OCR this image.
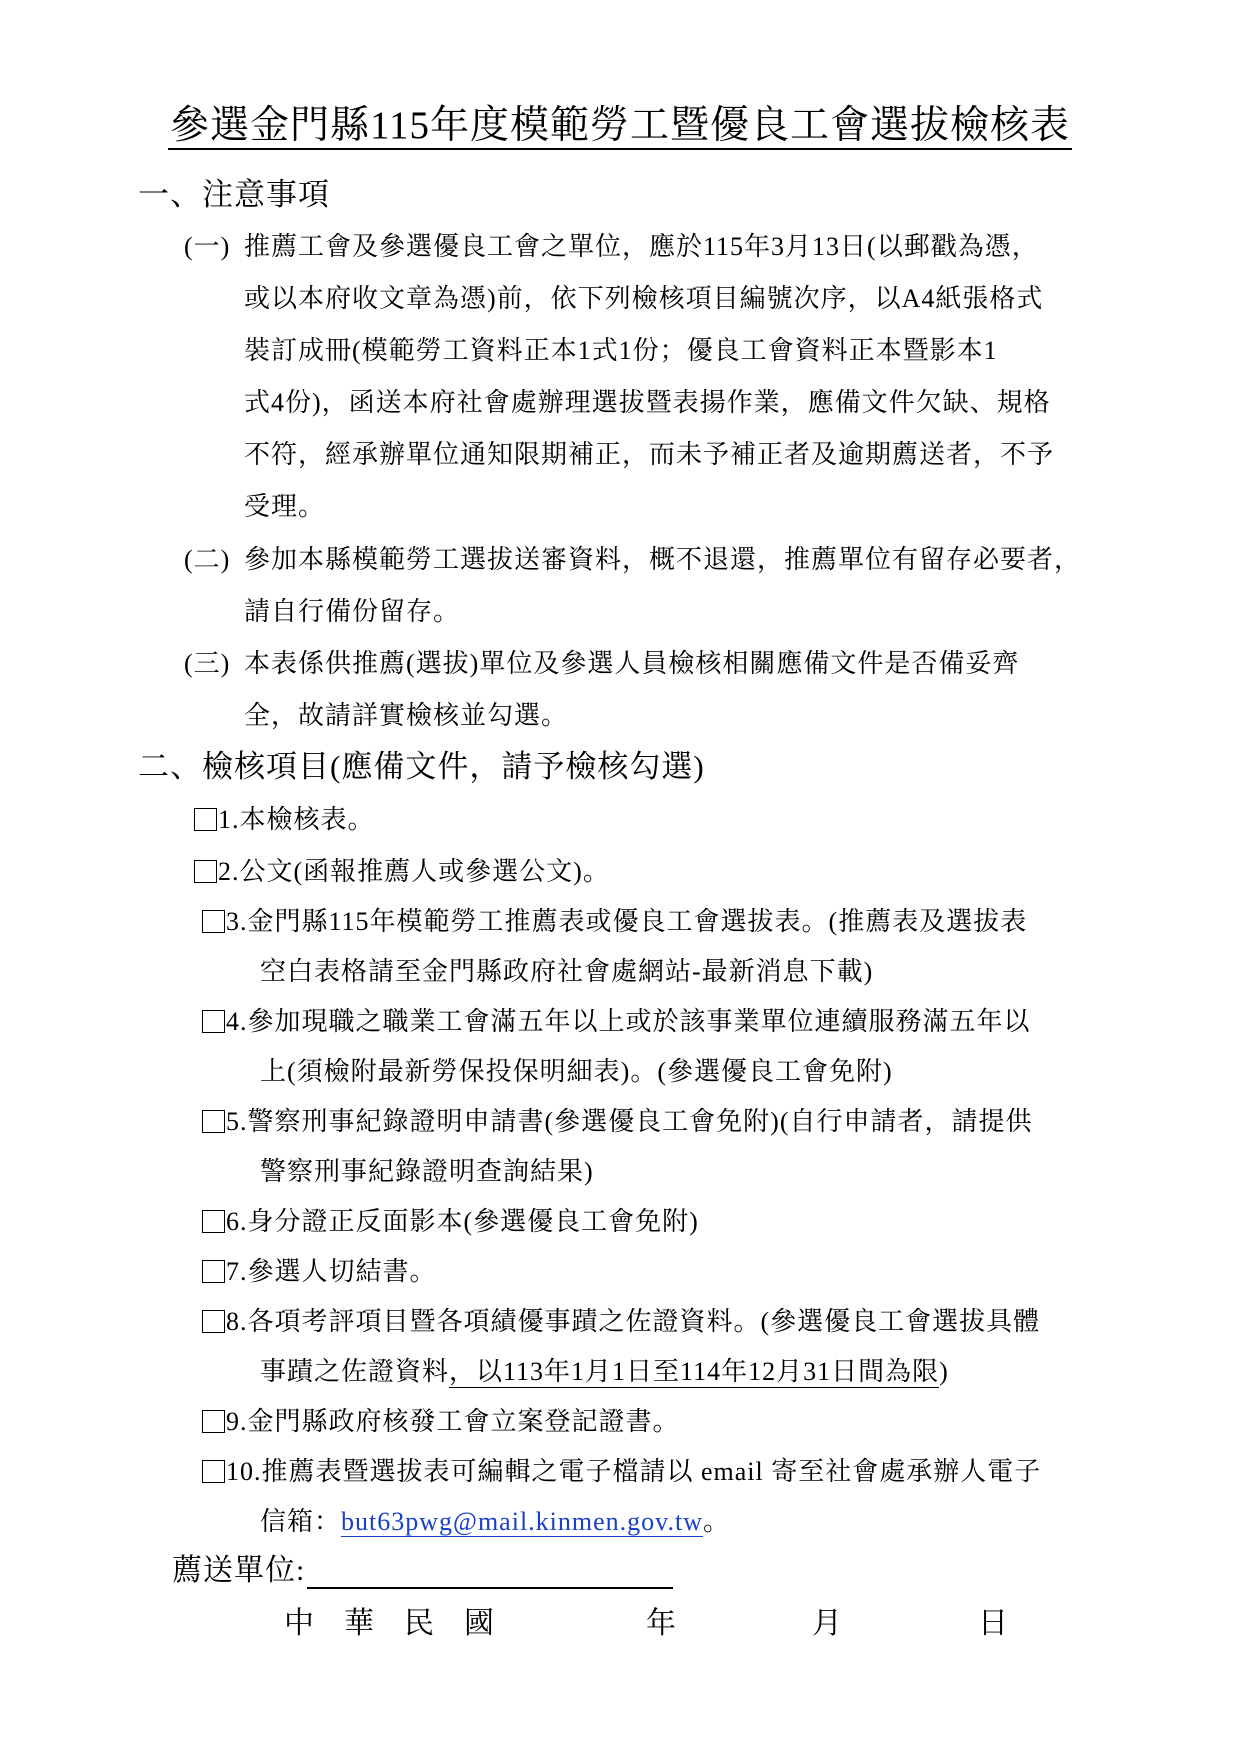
參選金門縣115年度模範勞工暨優良工會選拔檢核表
一、注意事項
(一) 推薦工會及參選優良工會之單位，應於115年3月13日(以郵戳為憑，
或以本府收文章為憑)前，依下列檢核項目編號次序，以A4紙張格式
裝訂成冊(模範勞工資料正本1式1份；優良工會資料正本暨影本1
式4份)，函送本府社會處辦理選拔暨表揚作業，應備文件欠缺、規格
不符，經承辦單位通知限期補正，而未予補正者及逾期薦送者，不予
受理。
(二) 參加本縣模範勞工選拔送審資料，概不退還，推薦單位有留存必要者，
請自行備份留存。
(三) 本表係供推薦(選拔)單位及參選人員檢核相關應備文件是否備妥齊
全，故請詳實檢核並勾選。
二、檢核項目(應備文件，請予檢核勾選)
1.本檢核表。
2.公文(函報推薦人或參選公文)。
3.金門縣115年模範勞工推薦表或優良工會選拔表。(推薦表及選拔表
空白表格請至金門縣政府社會處網站-最新消息下載)
4.參加現職之職業工會滿五年以上或於該事業單位連續服務滿五年以
上(須檢附最新勞保投保明細表)。(參選優良工會免附)
5.警察刑事紀錄證明申請書(參選優良工會免附)(自行申請者，請提供
警察刑事紀錄證明查詢結果)
6.身分證正反面影本(參選優良工會免附)
7.參選人切結書。
8.各項考評項目暨各項績優事蹟之佐證資料。(參選優良工會選拔具體
事蹟之佐證資料，以113年1月1日至114年12月31日間為限)
9.金門縣政府核發工會立案登記證書。
10.推薦表暨選拔表可編輯之電子檔請以 email 寄至社會處承辦人電子
信箱：but63pwg@mail.kinmen.gov.tw。
薦送單位:
中　華　民　國	年	月	日
